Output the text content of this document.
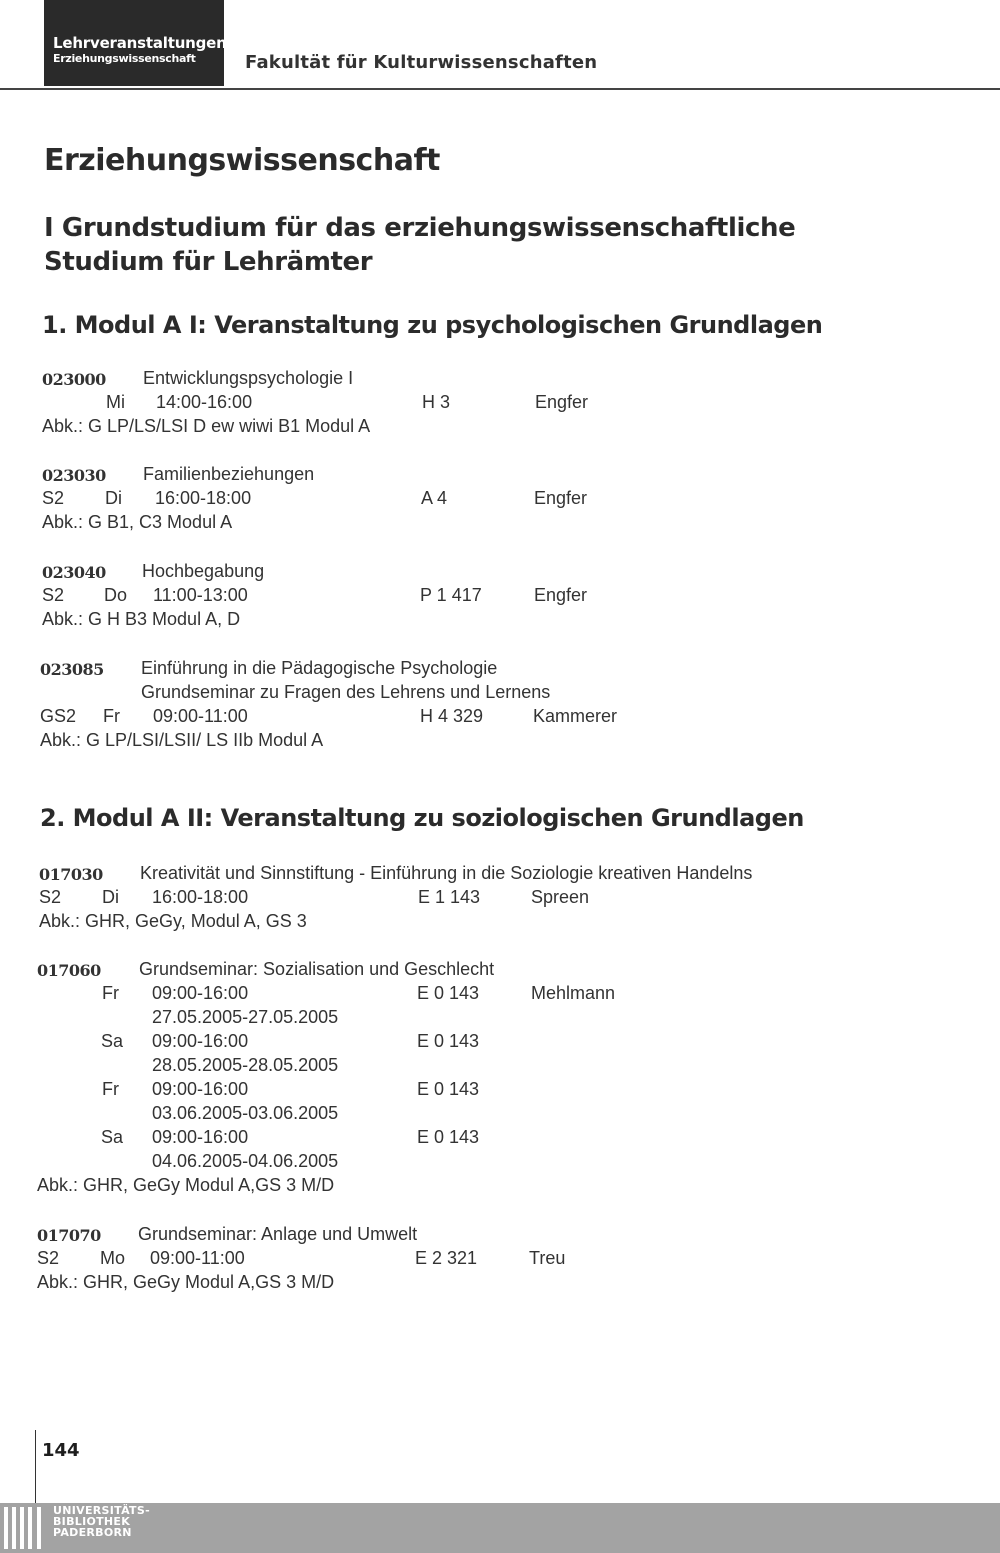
Lehrveranstaltungen
Erziehungswissenschaft	Fakultät für Kulturwissenschaften
Erziehungswissenschaft
I Grundstudium für das erziehungswissenschaftliche Studium für Lehrämter
1. Modul A I: Veranstaltung zu psychologischen Grundlagen
023000 Entwicklungspsychologie I
Mi 14:00-16:00	H 3	Engfer
Abk.: G LP/LS/LSI D ew wiwi B1 Modul A
023030 Familienbeziehungen
S2 Di 16:00-18:00	A 4	Engfer
Abk.: G B1, C3 Modul A
023040 Hochbegabung
S2 Do 11:00-13:00	P 1 417	Engfer
Abk.: G H B3 Modul A, D
023085 Einführung in die Pädagogische Psychologie
Grundseminar zu Fragen des Lehrens und Lernens
GS2 Fr 09:00-11:00	H 4 329	Kammerer
Abk.: G LP/LSI/LSII/ LS IIb Modul A
2. Modul A II: Veranstaltung zu soziologischen Grundlagen
017030 Kreativität und Sinnstiftung - Einführung in die Soziologie kreativen Handelns
S2 Di 16:00-18:00	E 1 143	Spreen
Abk.: GHR, GeGy, Modul A, GS 3
017060 Grundseminar: Sozialisation und Geschlecht
Fr 09:00-16:00	E 0 143	Mehlmann
27.05.2005-27.05.2005
Sa 09:00-16:00	E 0 143
28.05.2005-28.05.2005
Fr 09:00-16:00	E 0 143
03.06.2005-03.06.2005
Sa 09:00-16:00	E 0 143
04.06.2005-04.06.2005
Abk.: GHR, GeGy Modul A,GS 3 M/D
017070 Grundseminar: Anlage und Umwelt
S2 Mo 09:00-11:00	E 2 321	Treu
Abk.: GHR, GeGy Modul A,GS 3 M/D
144
UNIVERSITÄTS-
BIBLIOTHEK
PADERBORN
